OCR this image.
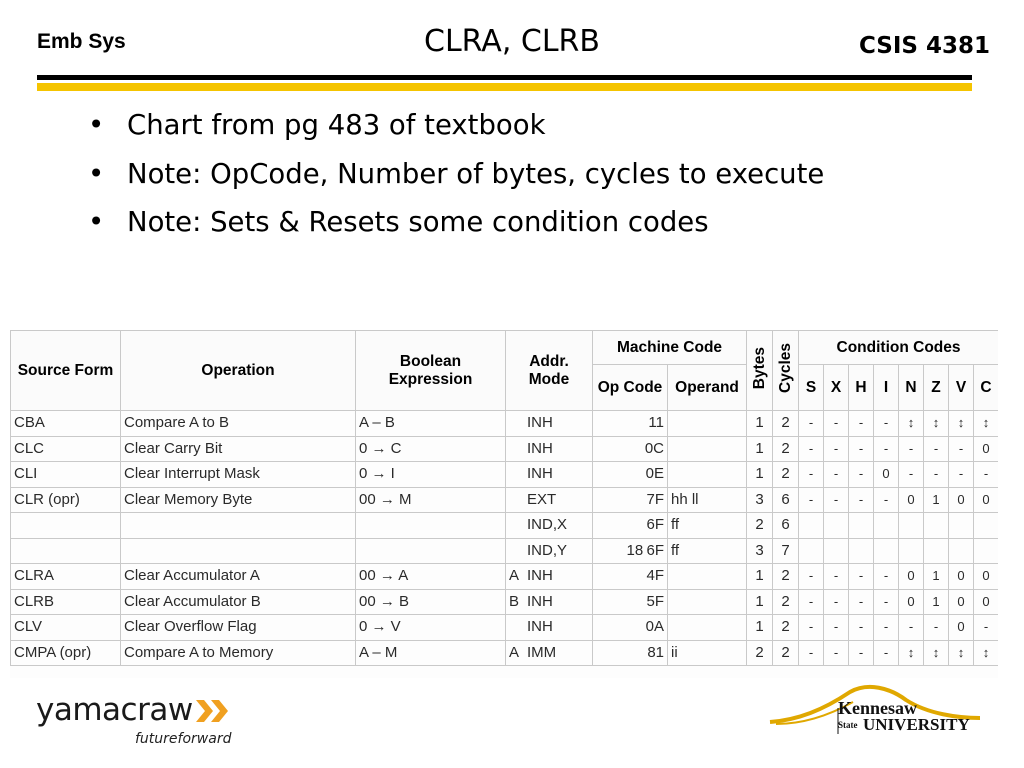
Emb Sys	CLRA, CLRB	CSIS 4381
• Chart from pg 483 of textbook
• Note: OpCode, Number of bytes, cycles to execute
• Note: Sets & Resets some condition codes
Source Form	Operation	Boolean Expression	Addr. Mode	Machine Code		Bytes	Cycles	Condition Codes							
				Op Code	Operand			S	X	H	I	N	Z	V	C
CBA	Compare A to B	A – B	INH	11		1	2	-	-	-	-	↕	↕	↕	↕
CLC	Clear Carry Bit	0 → C	INH	0C		1	2	-	-	-	-	-	-	-	0
CLI	Clear Interrupt Mask	0 → I	INH	0E		1	2	-	-	-	0	-	-	-	-
CLR (opr)	Clear Memory Byte	00 → M	EXT	7F	hh ll	3	6	-	-	-	-	0	1	0	0
			IND,X	6F	ff	2	6								
			IND,Y	18 6F	ff	3	7								
CLRA	Clear Accumulator A	00 → A	A INH	4F		1	2	-	-	-	-	0	1	0	0
CLRB	Clear Accumulator B	00 → B	B INH	5F		1	2	-	-	-	-	0	1	0	0
CLV	Clear Overflow Flag	0 → V	INH	0A		1	2	-	-	-	-	-	-	0	-
CMPA (opr)	Compare A to Memory	A – M	A IMM	81	ii	2	2	-	-	-	-	↕	↕	↕	↕
yamacraw
futureforward
Kennesaw
State UNIVERSITY
